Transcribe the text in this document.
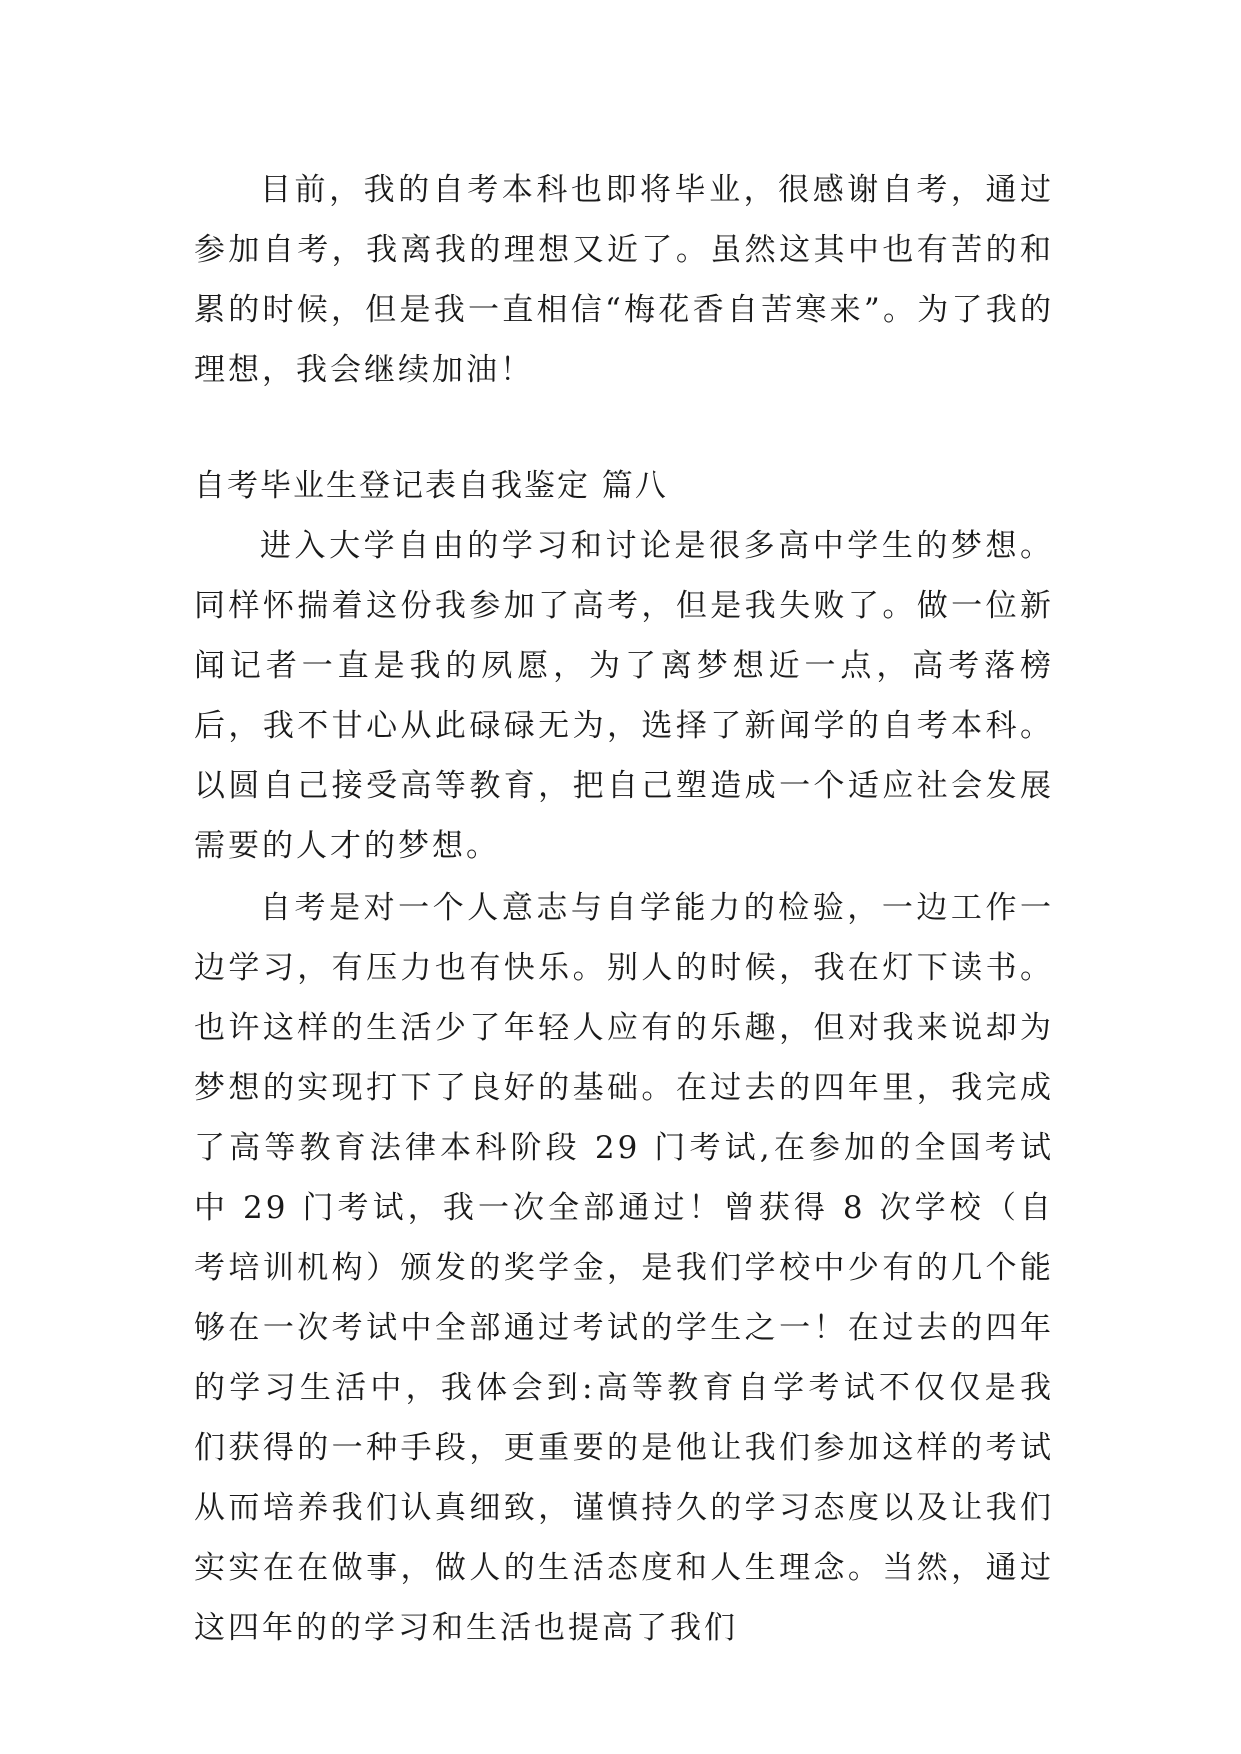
目前，我的自考本科也即将毕业，很感谢自考，通过参加自考，我离我的理想又近了。虽然这其中也有苦的和累的时候，但是我一直相信“梅花香自苦寒来”。为了我的理想，我会继续加油！

自考毕业生登记表自我鉴定 篇八

进入大学自由的学习和讨论是很多高中学生的梦想。同样怀揣着这份我参加了高考，但是我失败了。做一位新闻记者一直是我的夙愿，为了离梦想近一点，高考落榜后，我不甘心从此碌碌无为，选择了新闻学的自考本科。以圆自己接受高等教育，把自己塑造成一个适应社会发展需要的人才的梦想。

自考是对一个人意志与自学能力的检验，一边工作一边学习，有压力也有快乐。别人的时候，我在灯下读书。也许这样的生活少了年轻人应有的乐趣，但对我来说却为梦想的实现打下了良好的基础。在过去的四年里，我完成了高等教育法律本科阶段 29 门考试,在参加的全国考试中 29 门考试，我一次全部通过！曾获得 8 次学校（自考培训机构）颁发的奖学金，是我们学校中少有的几个能够在一次考试中全部通过考试的学生之一！在过去的四年的学习生活中，我体会到:高等教育自学考试不仅仅是我们获得的一种手段，更重要的是他让我们参加这样的考试从而培养我们认真细致，谨慎持久的学习态度以及让我们实实在在做事，做人的生活态度和人生理念。当然，通过这四年的的学习和生活也提高了我们
